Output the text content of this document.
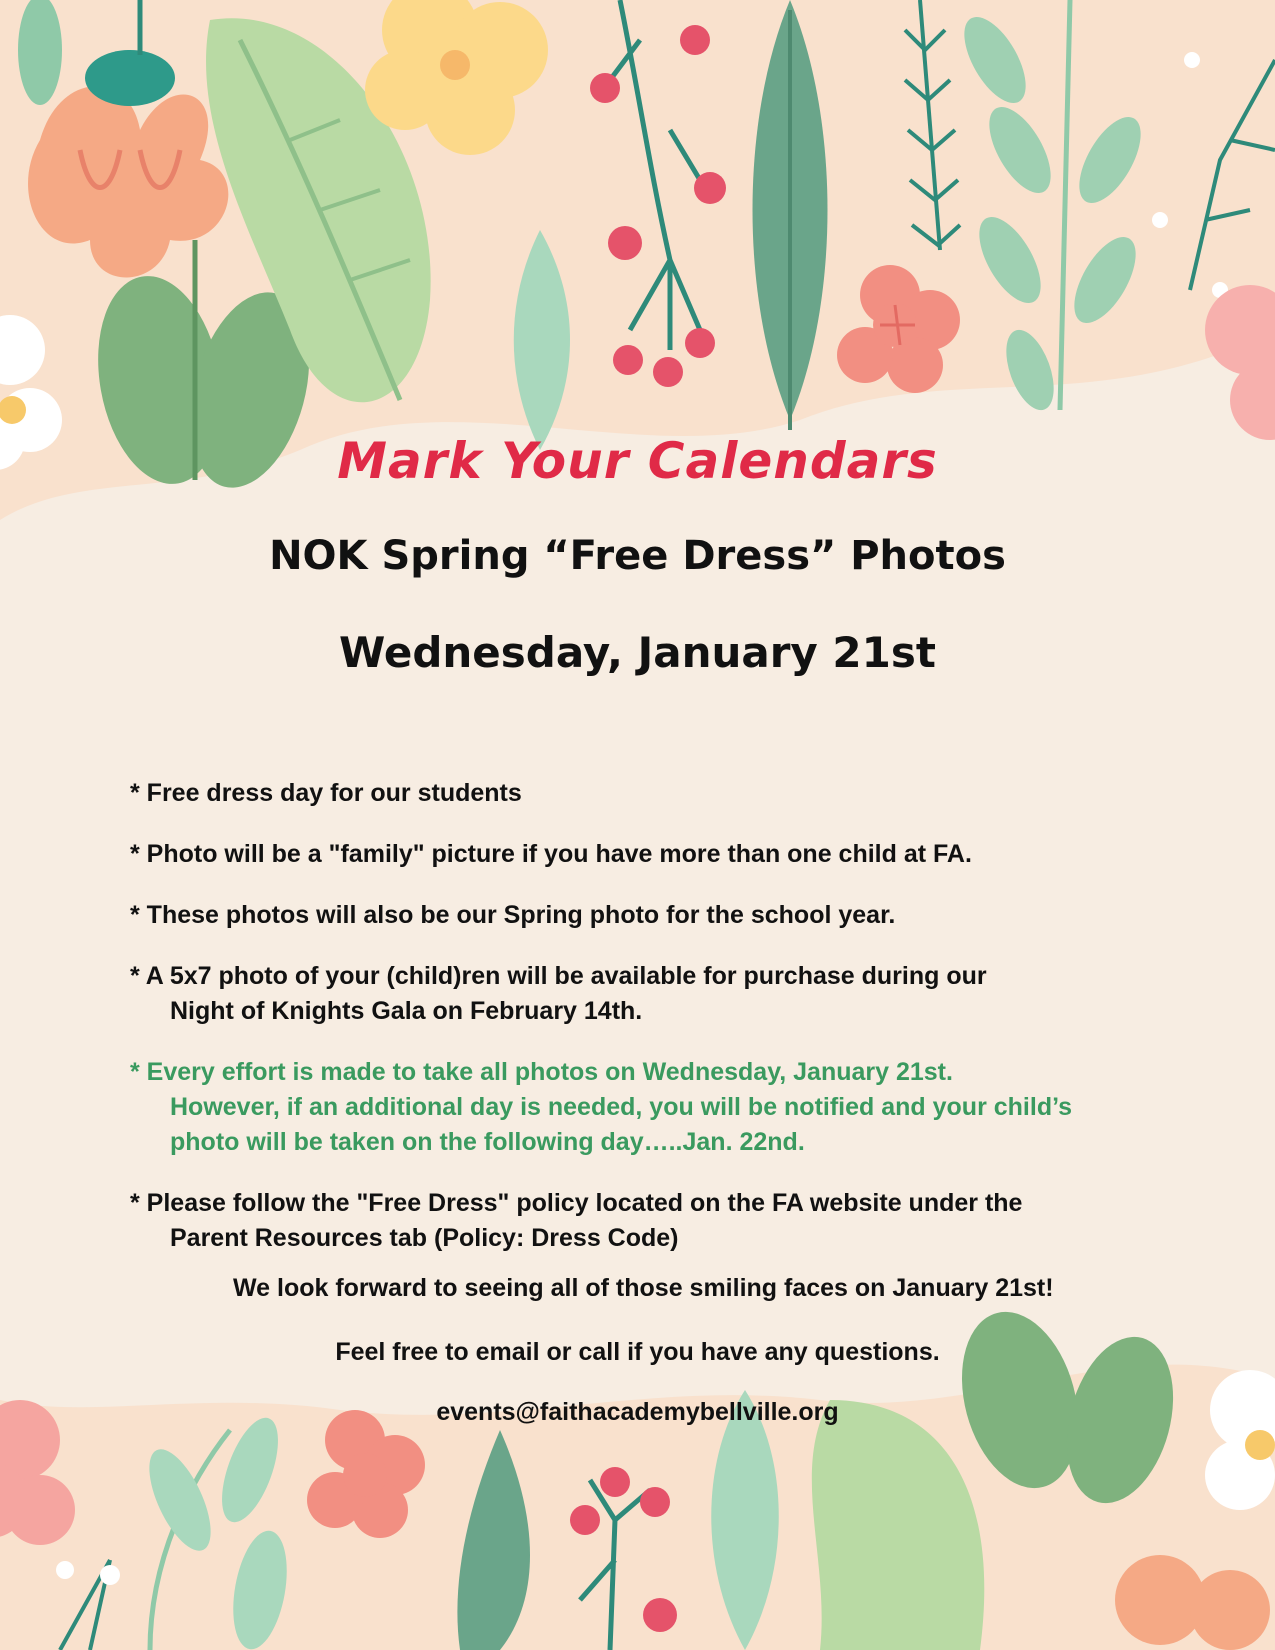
Mark Your Calendars
NOK Spring “Free Dress” Photos
Wednesday, January 21st
* Free dress day for our students
* Photo will be a "family" picture if you have more than one child at FA.
* These photos will also be our Spring photo for the school year.
* A 5x7 photo of your (child)ren will be available for purchase during our
Night of Knights Gala on February 14th.
* Every effort is made to take all photos on Wednesday, January 21st.
However, if an additional day is needed, you will be notified and your child’s
photo will be taken on the following day…..Jan. 22nd.
* Please follow the "Free Dress" policy located on the FA website under the
Parent Resources tab (Policy: Dress Code)
We look forward to seeing all of those smiling faces on January 21st!
Feel free to email or call if you have any questions.
events@faithacademybellville.org
